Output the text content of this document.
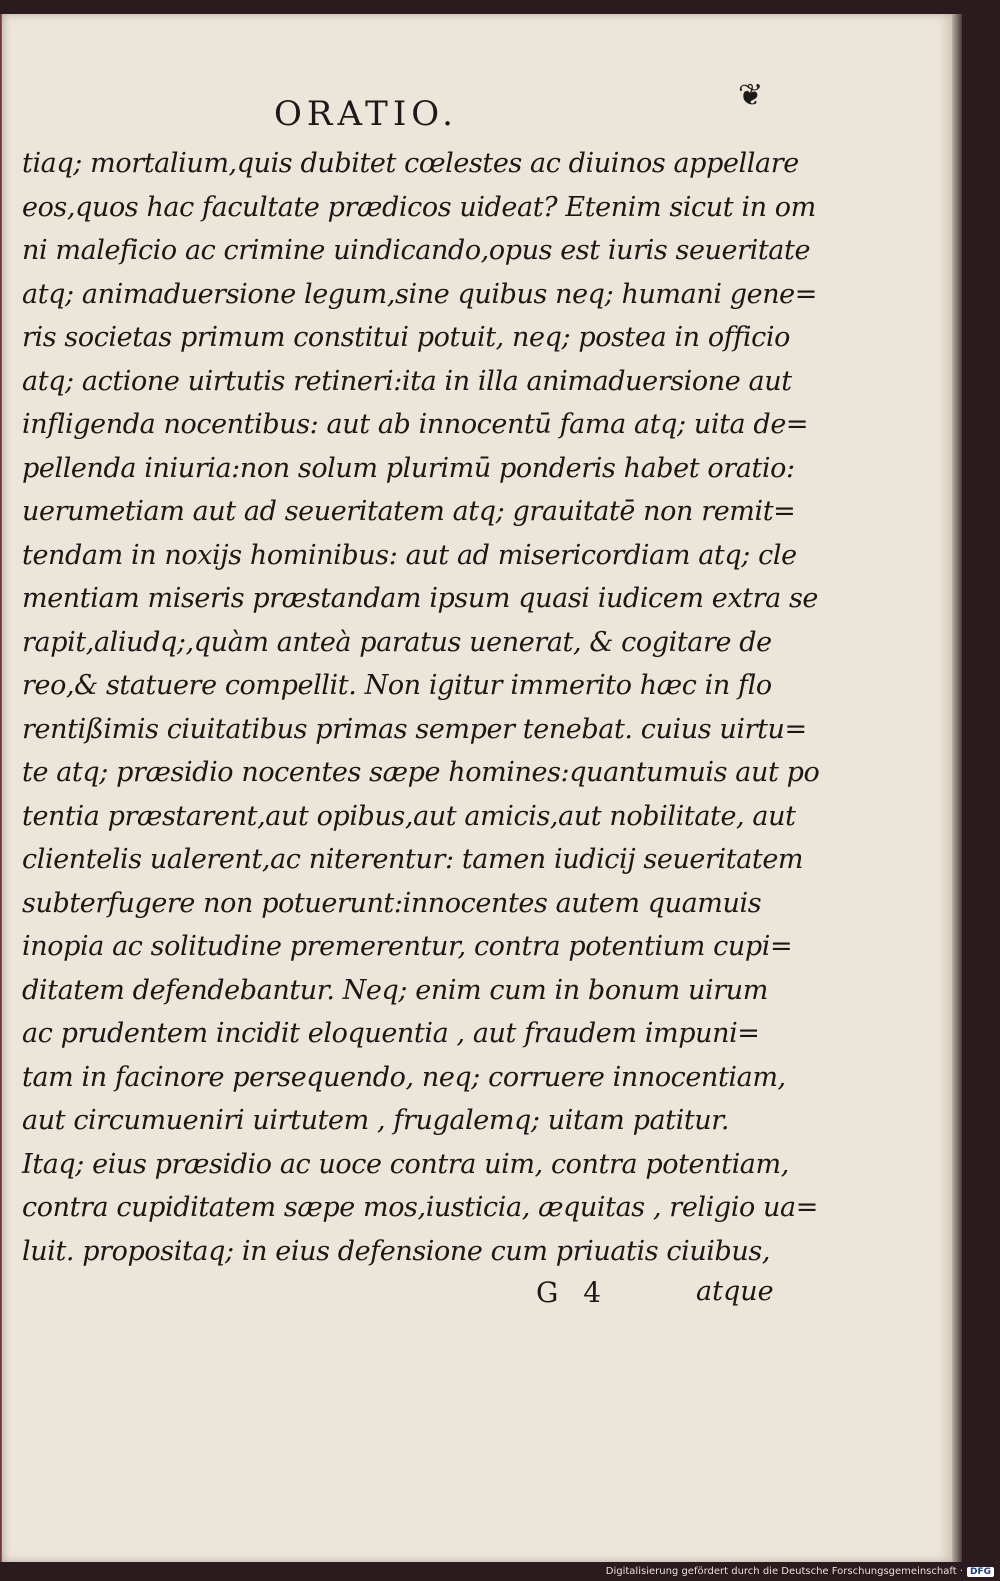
ORATIO.	❦
tiaq; mortalium,quis dubitet cœlestes ac diuinos appellare
eos,quos hac facultate prædicos uideat? Etenim sicut in om
ni maleficio ac crimine uindicando,opus est iuris seueritate
atq; animaduersione legum,sine quibus neq; humani gene=
ris societas primum constitui potuit, neq; postea in officio
atq; actione uirtutis retineri:ita in illa animaduersione aut
infligenda nocentibus: aut ab innocentū fama atq; uita de=
pellenda iniuria:non solum plurimū ponderis habet oratio:
uerumetiam aut ad seueritatem atq; grauitatē non remit=
tendam in noxijs hominibus: aut ad misericordiam atq; cle
mentiam miseris præstandam ipsum quasi iudicem extra se
rapit,aliudq;,quàm anteà paratus uenerat, & cogitare de
reo,& statuere compellit. Non igitur immerito hæc in flo
rentißimis ciuitatibus primas semper tenebat. cuius uirtu=
te atq; præsidio nocentes sæpe homines:quantumuis aut po
tentia præstarent,aut opibus,aut amicis,aut nobilitate, aut
clientelis ualerent,ac niterentur: tamen iudicij seueritatem
subterfugere non potuerunt:innocentes autem quamuis
inopia ac solitudine premerentur, contra potentium cupi=
ditatem defendebantur. Neq; enim cum in bonum uirum
ac prudentem incidit eloquentia , aut fraudem impuni=
tam in facinore persequendo, neq; corruere innocentiam,
aut circumueniri uirtutem , frugalemq; uitam patitur.
Itaq; eius præsidio ac uoce contra uim, contra potentiam,
contra cupiditatem sæpe mos,iusticia, æquitas , religio ua=
luit. propositaq; in eius defensione cum priuatis ciuibus,
G 4	atque
Digitalisierung gefördert durch die Deutsche Forschungsgemeinschaft · DFG
